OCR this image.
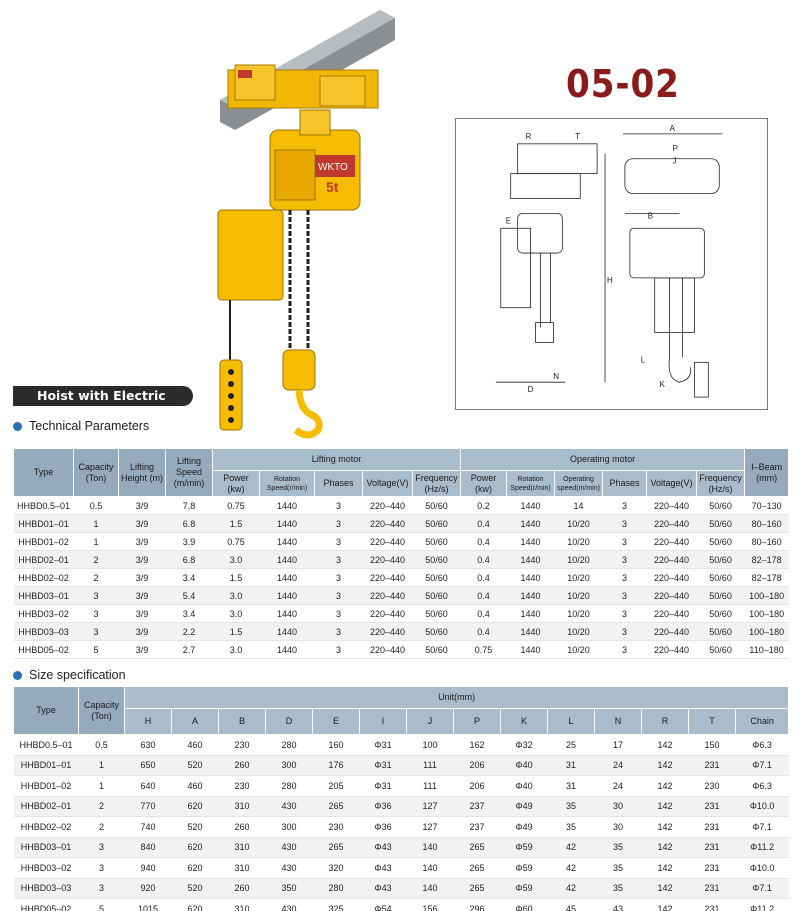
WKTO
5t
05-02
A
P
J
R	T
B
H
E
N
D
L
K
Hoist with Electric Trolley
Technical Parameters
Type	Capacity (Ton)	Lifting Height (m)	Lifting Speed (m/min)	Lifting motor					Operating motor						I–Beam (mm)
				Power (kw)	Rotation Speed(r/min)	Phases	Voltage(V)	Frequency (Hz/s)	Power (kw)	Rotation Speed(r/min)	Operating speed(m/min)	Phases	Voltage(V)	Frequency (Hz/s)	
HHBD0.5–01	0.5	3/9	7.8	0.75	1440	3	220–440	50/60	0.2	1440	14	3	220–440	50/60	70–130
HHBD01–01	1	3/9	6.8	1.5	1440	3	220–440	50/60	0.4	1440	10/20	3	220–440	50/60	80–160
HHBD01–02	1	3/9	3.9	0.75	1440	3	220–440	50/60	0.4	1440	10/20	3	220–440	50/60	80–160
HHBD02–01	2	3/9	6.8	3.0	1440	3	220–440	50/60	0.4	1440	10/20	3	220–440	50/60	82–178
HHBD02–02	2	3/9	3.4	1.5	1440	3	220–440	50/60	0.4	1440	10/20	3	220–440	50/60	82–178
HHBD03–01	3	3/9	5.4	3.0	1440	3	220–440	50/60	0.4	1440	10/20	3	220–440	50/60	100–180
HHBD03–02	3	3/9	3.4	3.0	1440	3	220–440	50/60	0.4	1440	10/20	3	220–440	50/60	100–180
HHBD03–03	3	3/9	2.2	1.5	1440	3	220–440	50/60	0.4	1440	10/20	3	220–440	50/60	100–180
HHBD05–02	5	3/9	2.7	3.0	1440	3	220–440	50/60	0.75	1440	10/20	3	220–440	50/60	110–180
Size specification
Type	Capacity (Ton)	Unit(mm)													
		H	A	B	D	E	I	J	P	K	L	N	R	T	Chain
HHBD0.5–01	0.5	630	460	230	280	160	Φ31	100	162	Φ32	25	17	142	150	Φ6.3
HHBD01–01	1	650	520	260	300	176	Φ31	111	206	Φ40	31	24	142	231	Φ7.1
HHBD01–02	1	640	460	230	280	205	Φ31	111	206	Φ40	31	24	142	230	Φ6.3
HHBD02–01	2	770	620	310	430	265	Φ36	127	237	Φ49	35	30	142	231	Φ10.0
HHBD02–02	2	740	520	260	300	230	Φ36	127	237	Φ49	35	30	142	231	Φ7.1
HHBD03–01	3	840	620	310	430	265	Φ43	140	265	Φ59	42	35	142	231	Φ11.2
HHBD03–02	3	940	620	310	430	320	Φ43	140	265	Φ59	42	35	142	231	Φ10.0
HHBD03–03	3	920	520	260	350	280	Φ43	140	265	Φ59	42	35	142	231	Φ7.1
HHBD05–02	5	1015	620	310	430	325	Φ54	156	296	Φ60	45	43	142	231	Φ11.2
